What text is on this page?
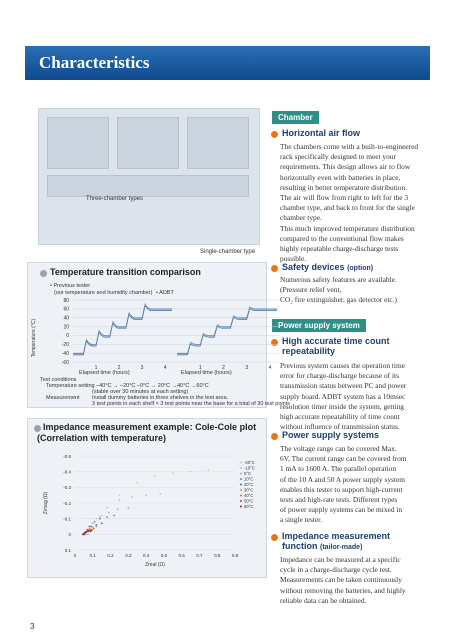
Characteristics
Three-chamber types
Single-chamber type
Chamber
Horizontal air flow
The chambers come with a built-to-engineered
rack specifically designed to meet your
requirements. This design allows air to flow
horizontally even with batteries in place,
resulting in better temperature distribution.
The air will flow from right to left for the 3
chamber type, and back to front for the single
chamber type.
This much improved temperature distribution
compared to the conventional flow makes
highly repeatable charge-discharge tests
possible.
Safety devices (option)
Numerous safety features are available.
(Pressure relief vent,
CO₂ fire extinguisher, gas detector etc.)
Power supply system
High accurate time count
repeatability
Previous system causes the operation time
error for charge-discharge because of its
transmission status between PC and power
supply board. ADBT system has a 10msec
resolution timer inside the system, getting
high accurate repeatability of time count
without influence of transmission status.
Power supply systems
The voltage range can be covered Max.
6V, The current range can be covered from
1 mA to 1600 A. The parallel operation
of the 10 A and 50 A power supply system
enables this tester to support high-current
tests and high-rate tests. Different types
of power supply systems can be mixed in
a single tester.
Impedance measurement
function (tailor-made)
Impedance can be measured at a specific
cycle in a charge-discharge cycle test.
Measurements can be taken continuously
without removing the batteries, and highly
reliable data can be obtained.
Temperature transition comparison
• Previous tester
(our temperature and humidity chamber) • ADBT
Temperature (°C)
80
60
40
20
0
-20
-40
-60
1	2	3	4	1	2	3	4
Elapsed time (hours)	Elapsed time (hours)
Test conditions
Temperature setting –40°C → –20°C –0°C → 20°C →40°C →60°C
(stable over 30 minutes at each setting)
Measurement Install dummy batteries in three shelves in the test area.
3 test points in each shelf × 3 test points near the base for a total of 30 test points
Impedance measurement example: Cole-Cole plot
(Correlation with temperature)
-0.5
-0.4
-0.3
-0.2
-0.1
0
0.1
0	0.1	0.2	0.3	0.4	0.5	0.6	0.7	0.8	0.9
Zreal (Ω)
Zimag (Ω)
-20°C
-10°C
0°C
10°C
20°C
30°C
40°C
50°C
60°C
3
